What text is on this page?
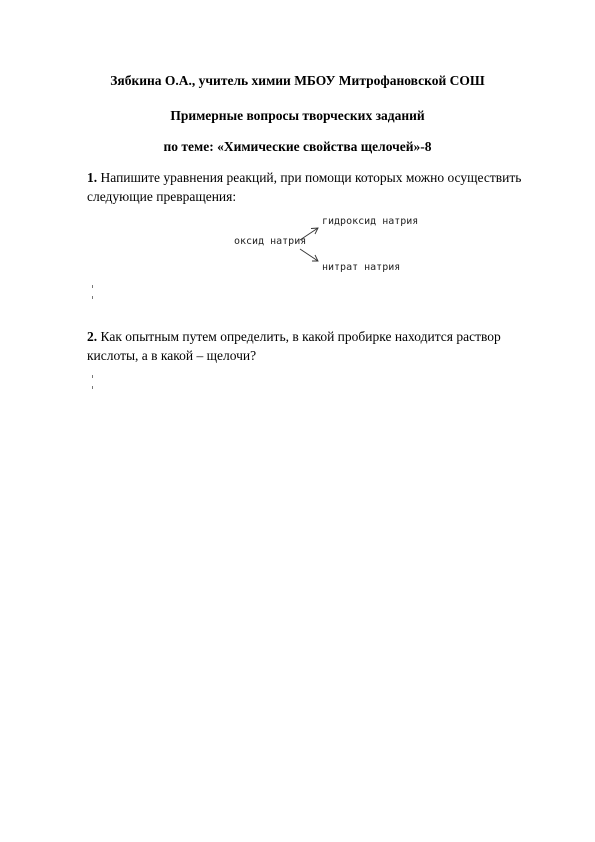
Зябкина О.А., учитель химии МБОУ Митрофановской СОШ
Примерные вопросы творческих заданий
по теме: «Химические свойства щелочей»-8
1. Напишите уравнения реакций, при помощи которых можно осуществить
следующие превращения:
гидроксид натрия
оксид натрия
нитрат натрия
2. Как опытным путем определить, в какой пробирке находится раствор
кислоты, а в какой – щелочи?
